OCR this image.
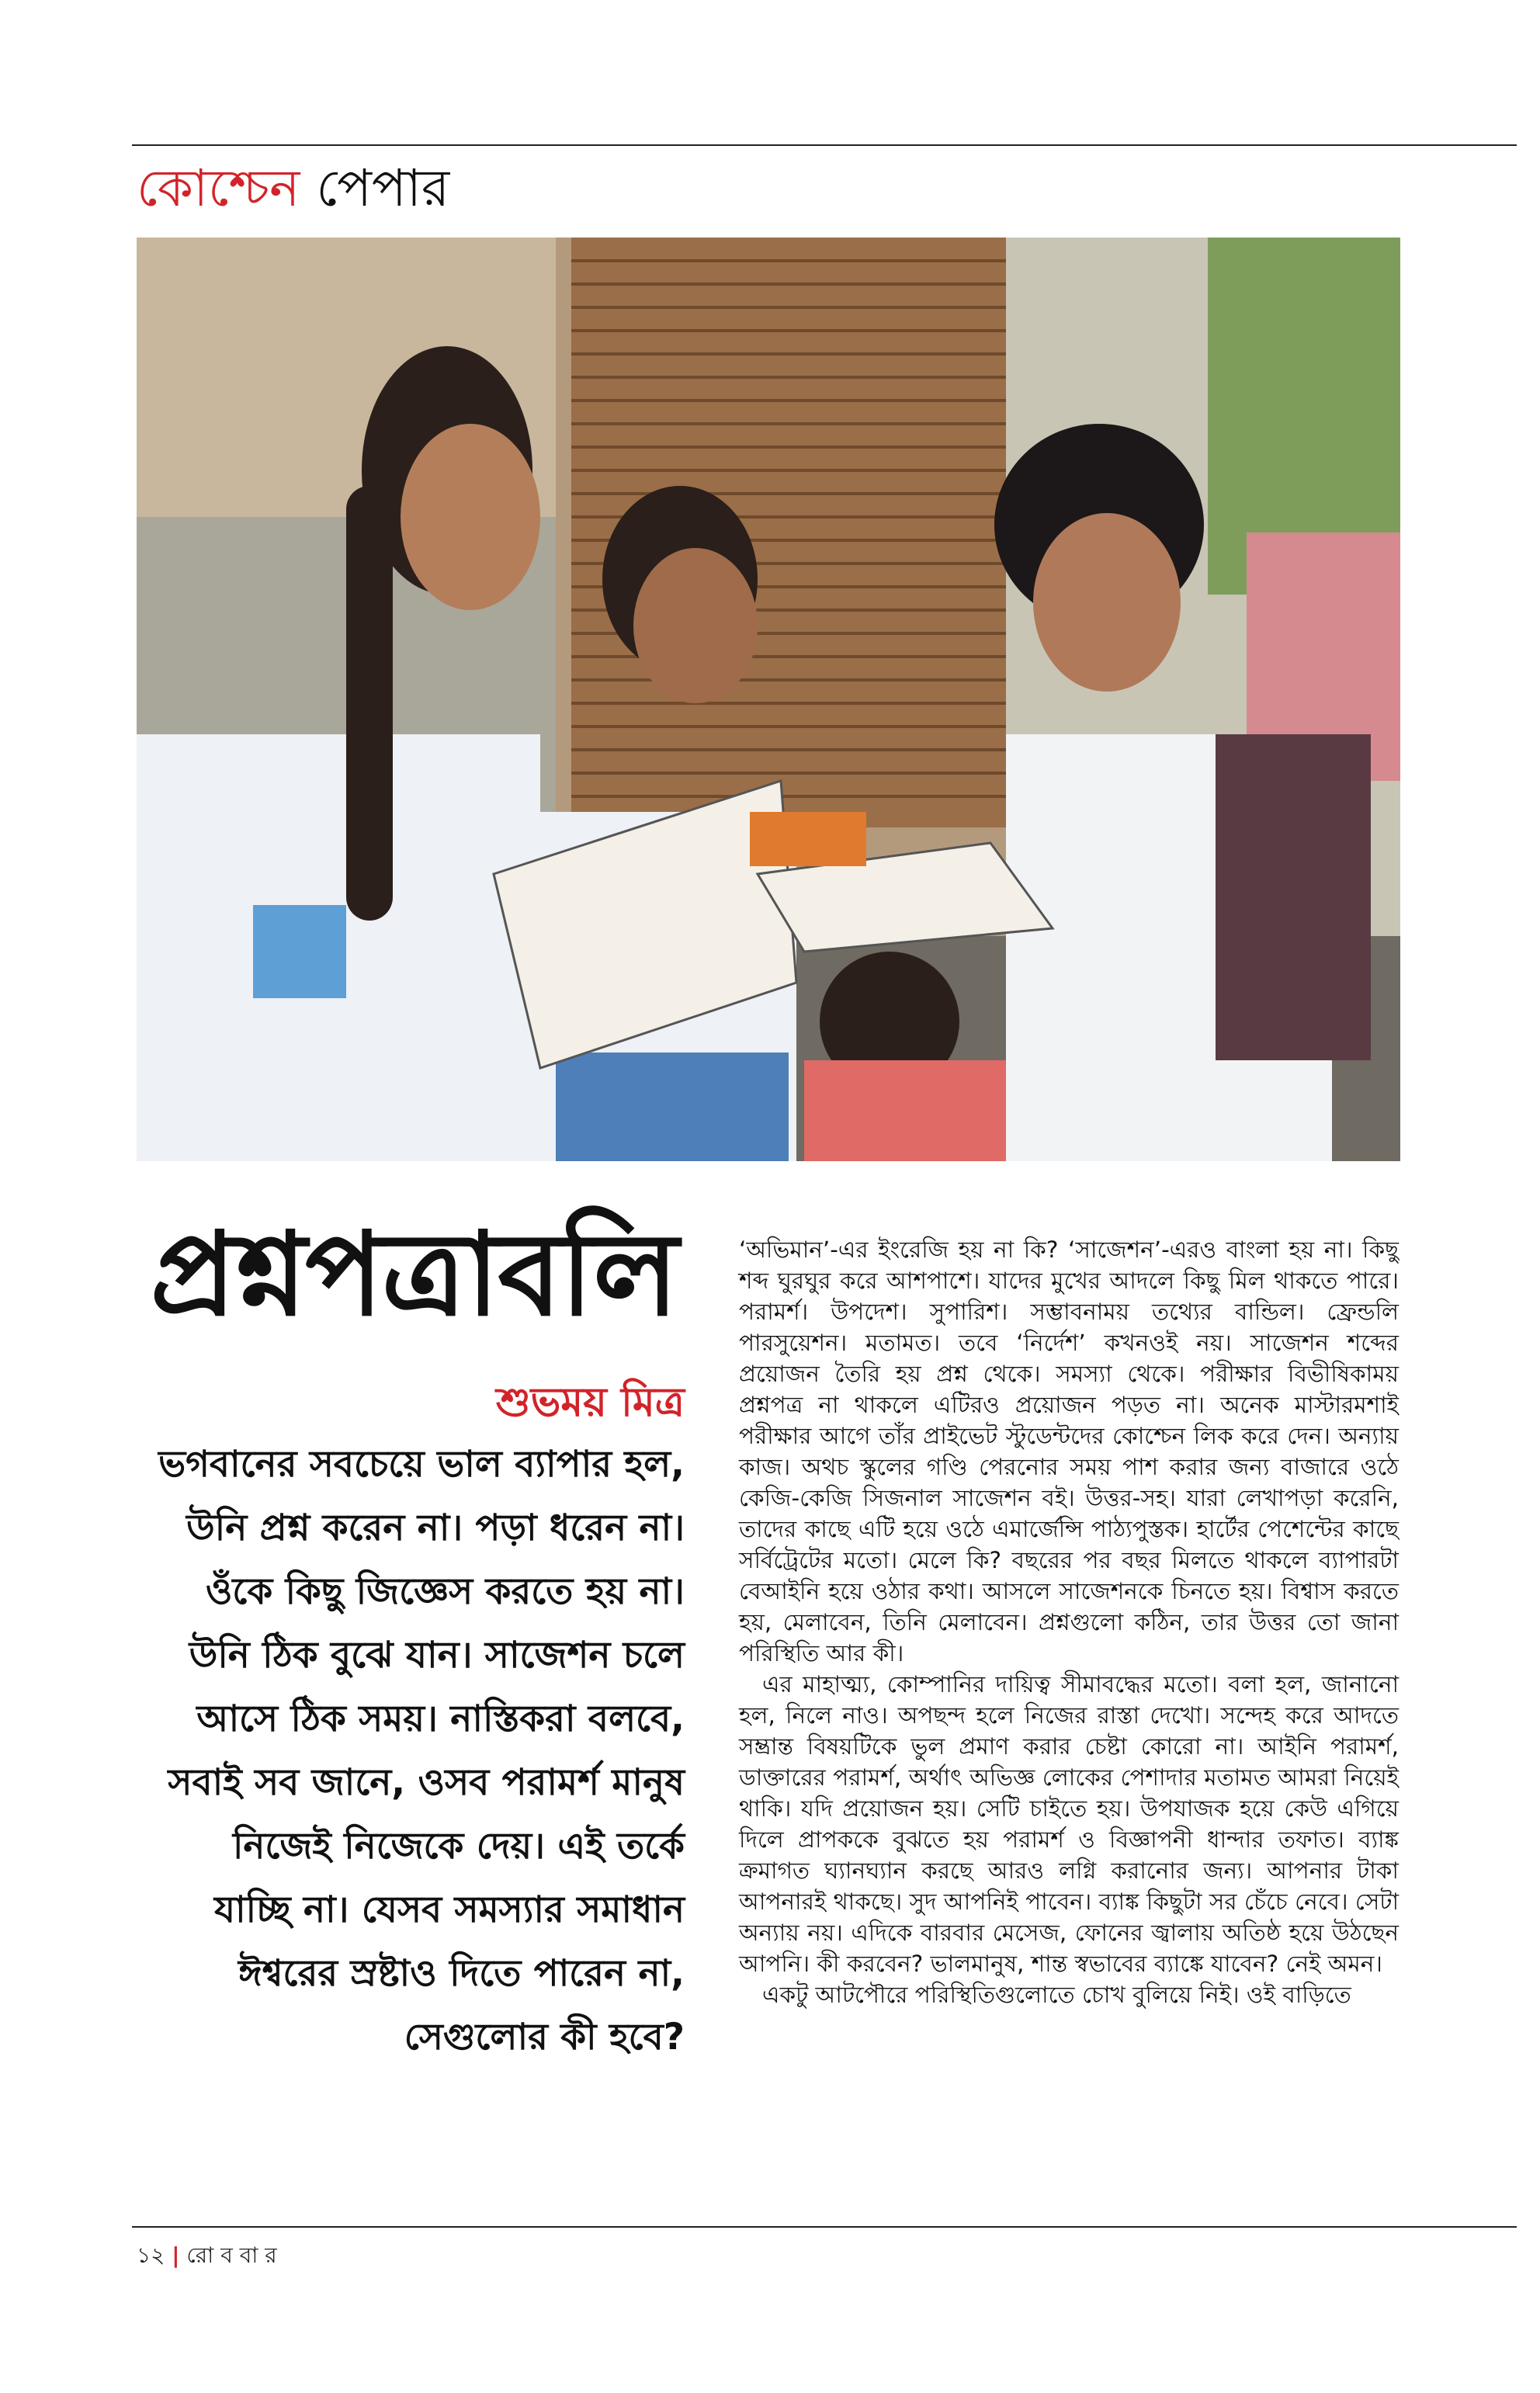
কোশ্চেন পেপার
প্রশ্নপত্রাবলি
শুভময় মিত্র
ভগবানের সবচেয়ে ভাল ব্যাপার হল, উনি প্রশ্ন করেন না। পড়া ধরেন না। ওঁকে কিছু জিজ্ঞেস করতে হয় না। উনি ঠিক বুঝে যান। সাজেশন চলে আসে ঠিক সময়। নাস্তিকরা বলবে, সবাই সব জানে, ওসব পরামর্শ মানুষ নিজেই নিজেকে দেয়। এই তর্কে যাচ্ছি না। যেসব সমস্যার সমাধান ঈশ্বরের স্রষ্টাও দিতে পারেন না, সেগুলোর কী হবে?

‘অভিমান’-এর ইংরেজি হয় না কি? ‘সাজেশন’-এরও বাংলা হয় না। কিছু শব্দ ঘুরঘুর করে আশপাশে। যাদের মুখের আদলে কিছু মিল থাকতে পারে। পরামর্শ। উপদেশ। সুপারিশ। সম্ভাবনাময় তথ্যের বান্ডিল। ফ্রেন্ডলি পারসুয়েশন। মতামত। তবে ‘নির্দেশ’ কখনওই নয়। সাজেশন শব্দের প্রয়োজন তৈরি হয় প্রশ্ন থেকে। সমস্যা থেকে। পরীক্ষার বিভীষিকাময় প্রশ্নপত্র না থাকলে এটিরও প্রয়োজন পড়ত না। অনেক মাস্টারমশাই পরীক্ষার আগে তাঁর প্রাইভেট স্টুডেন্টদের কোশ্চেন লিক করে দেন। অন্যায় কাজ। অথচ স্কুলের গণ্ডি পেরনোর সময় পাশ করার জন্য বাজারে ওঠে কেজি-কেজি সিজনাল সাজেশন বই। উত্তর-সহ। যারা লেখাপড়া করেনি, তাদের কাছে এটি হয়ে ওঠে এমার্জেন্সি পাঠ্যপুস্তক। হার্টের পেশেন্টের কাছে সর্বিট্রেটের মতো। মেলে কি? বছরের পর বছর মিলতে থাকলে ব্যাপারটা বেআইনি হয়ে ওঠার কথা। আসলে সাজেশনকে চিনতে হয়। বিশ্বাস করতে হয়, মেলাবেন, তিনি মেলাবেন। প্রশ্নগুলো কঠিন, তার উত্তর তো জানা পরিস্থিতি আর কী।

এর মাহাত্ম্য, কোম্পানির দায়িত্ব সীমাবদ্ধের মতো। বলা হল, জানানো হল, নিলে নাও। অপছন্দ হলে নিজের রাস্তা দেখো। সন্দেহ করে আদতে সম্ভ্রান্ত বিষয়টিকে ভুল প্রমাণ করার চেষ্টা কোরো না। আইনি পরামর্শ, ডাক্তারের পরামর্শ, অর্থাৎ অভিজ্ঞ লোকের পেশাদার মতামত আমরা নিয়েই থাকি। যদি প্রয়োজন হয়। সেটি চাইতে হয়। উপযাজক হয়ে কেউ এগিয়ে দিলে প্রাপককে বুঝতে হয় পরামর্শ ও বিজ্ঞাপনী ধান্দার তফাত। ব্যাঙ্ক ক্রমাগত ঘ্যানঘ্যান করছে আরও লগ্নি করানোর জন্য। আপনার টাকা আপনারই থাকছে। সুদ আপনিই পাবেন। ব্যাঙ্ক কিছুটা সর চেঁচে নেবে। সেটা অন্যায় নয়। এদিকে বারবার মেসেজ, ফোনের জ্বালায় অতিষ্ঠ হয়ে উঠছেন আপনি। কী করবেন? ভালমানুষ, শান্ত স্বভাবের ব্যাঙ্কে যাবেন? নেই অমন।

একটু আটপৌরে পরিস্থিতিগুলোতে চোখ বুলিয়ে নিই। ওই বাড়িতে

১২ | রো ব বা র
